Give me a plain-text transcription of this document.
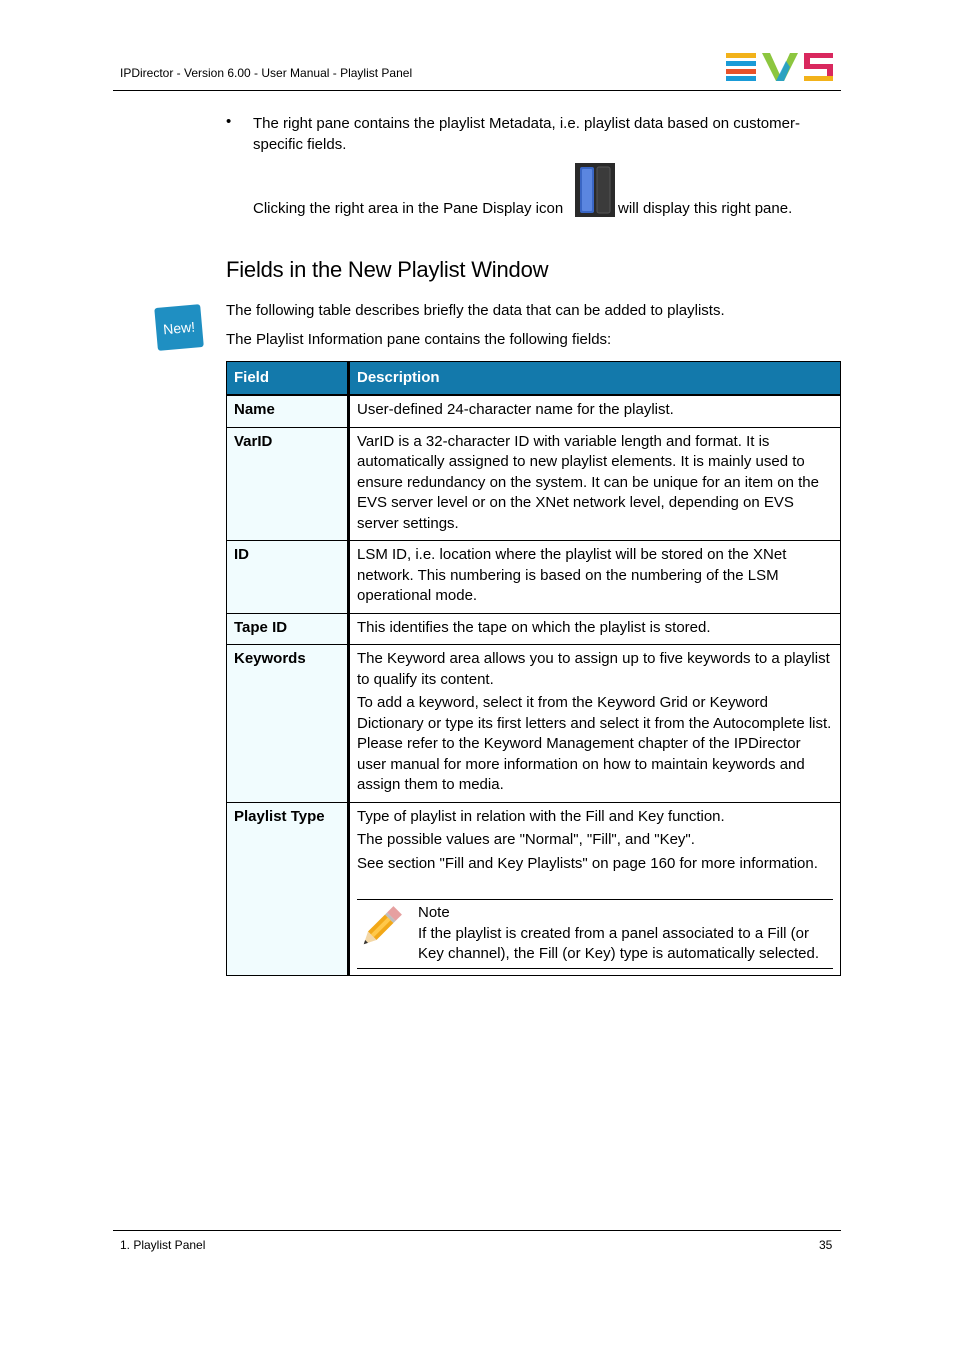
IPDirector - Version 6.00 - User Manual - Playlist Panel
• The right pane contains the playlist Metadata, i.e. playlist data based on customer-specific fields.
Clicking the right area in the Pane Display icon	will display this right pane.
Fields in the New Playlist Window
New!
The following table describes briefly the data that can be added to playlists.
The Playlist Information pane contains the following fields:
Field	Description
Name	User-defined 24-character name for the playlist.

VarID	VarID is a 32-character ID with variable length and format. It is automatically assigned to new playlist elements. It is mainly used to ensure redundancy on the system. It can be unique for an item on the EVS server level or on the XNet network level, depending on EVS server settings.

ID	LSM ID, i.e. location where the playlist will be stored on the XNet network. This numbering is based on the numbering of the LSM operational mode.

Tape ID	This identifies the tape on which the playlist is stored.

Keywords	The Keyword area allows you to assign up to five keywords to a playlist to qualify its content.

To add a keyword, select it from the Keyword Grid or Keyword Dictionary or type its first letters and select it from the Autocomplete list. Please refer to the Keyword Management chapter of the IPDirector user manual for more information on how to maintain keywords and assign them to media.

Playlist Type	Type of playlist in relation with the Fill and Key function.

The possible values are "Normal", "Fill", and "Key".

See section "Fill and Key Playlists" on page 160 for more information.

Note
If the playlist is created from a panel associated to a Fill (or Key channel), the Fill (or Key) type is automatically selected.
1. Playlist Panel	35
